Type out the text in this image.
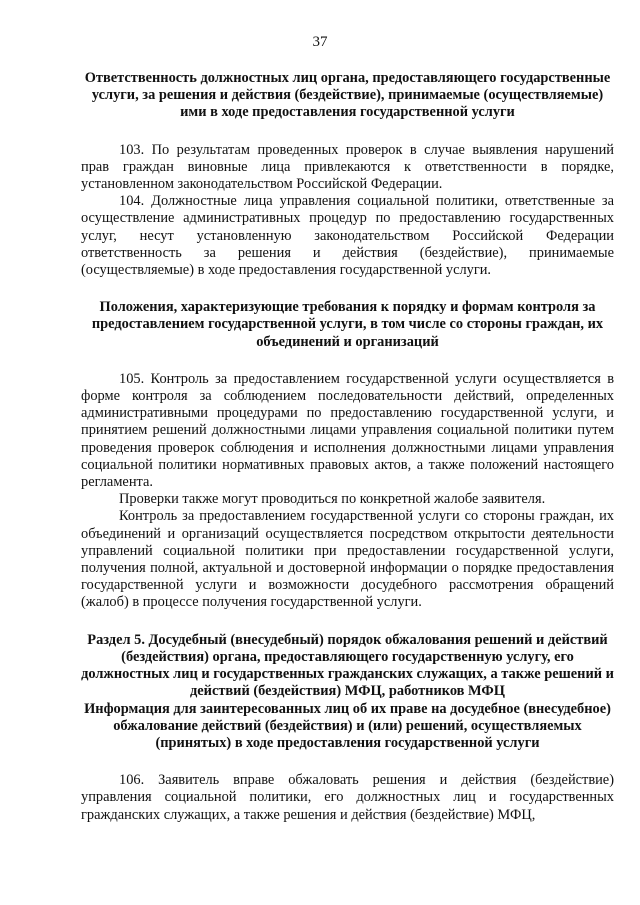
37

Ответственность должностных лиц органа, предоставляющего государственные услуги, за решения и действия (бездействие), принимаемые (осуществляемые) ими в ходе предоставления государственной услуги

103. По результатам проведенных проверок в случае выявления нарушений прав граждан виновные лица привлекаются к ответственности в порядке, установленном законодательством Российской Федерации.

104. Должностные лица управления социальной политики, ответственные за осуществление административных процедур по предоставлению государственных услуг, несут установленную законодательством Российской Федерации ответственность за решения и действия (бездействие), принимаемые (осуществляемые) в ходе предоставления государственной услуги.

Положения, характеризующие требования к порядку и формам контроля за предоставлением государственной услуги, в том числе со стороны граждан, их объединений и организаций

105. Контроль за предоставлением государственной услуги осуществляется в форме контроля за соблюдением последовательности действий, определенных административными процедурами по предоставлению государственной услуги, и принятием решений должностными лицами управления социальной политики путем проведения проверок соблюдения и исполнения должностными лицами управления социальной политики нормативных правовых актов, а также положений настоящего регламента.

Проверки также могут проводиться по конкретной жалобе заявителя.

Контроль за предоставлением государственной услуги со стороны граждан, их объединений и организаций осуществляется посредством открытости деятельности управлений социальной политики при предоставлении государственной услуги, получения полной, актуальной и достоверной информации о порядке предоставления государственной услуги и возможности досудебного рассмотрения обращений (жалоб) в процессе получения государственной услуги.

Раздел 5. Досудебный (внесудебный) порядок обжалования решений и действий (бездействия) органа, предоставляющего государственную услугу, его должностных лиц и государственных гражданских служащих, а также решений и действий (бездействия) МФЦ, работников МФЦ

Информация для заинтересованных лиц об их праве на досудебное (внесудебное) обжалование действий (бездействия) и (или) решений, осуществляемых (принятых) в ходе предоставления государственной услуги

106. Заявитель вправе обжаловать решения и действия (бездействие) управления социальной политики, его должностных лиц и государственных гражданских служащих, а также решения и действия (бездействие) МФЦ,
